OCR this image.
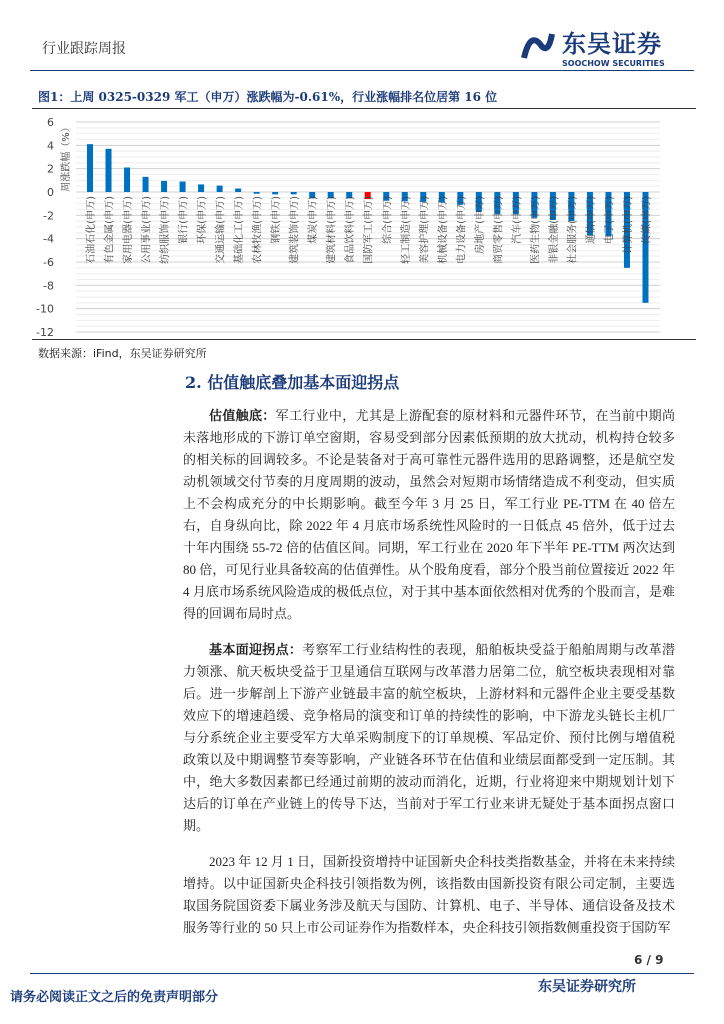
行业跟踪周报	东吴证券
SOOCHOW SECURITIES
图1：上周 0325-0329 军工（申万）涨跌幅为-0.61%，行业涨幅排名位居第 16 位
6
4
2
0
-2
-4
-6
-8
-10
-12
周涨跌幅（%）
石油石化(申万) 有色金属(申万) 家用电器(申万) 公用事业(申万) 纺织服饰(申万) 银行(申万) 环保(申万) 交通运输(申万) 基础化工(申万) 农林牧渔(申万) 钢铁(申万) 建筑装饰(申万) 煤炭(申万) 建筑材料(申万) 食品饮料(申万) 国防军工(申万) 综合(申万) 轻工制造(申万) 美容护理(申万) 机械设备(申万) 电力设备(申万) 房地产(申万) 商贸零售(申万) 汽车(申万) 医药生物(申万) 非银金融(申万) 社会服务(申万) 通信(申万) 电子(申万) 计算机(申万) 传媒(申万)
数据来源：iFind，东吴证券研究所
2. 估值触底叠加基本面迎拐点
估值触底：军工行业中，尤其是上游配套的原材料和元器件环节，在当前中期尚未落地形成的下游订单空窗期，容易受到部分因素低预期的放大扰动，机构持仓较多的相关标的回调较多。不论是装备对于高可靠性元器件选用的思路调整，还是航空发动机领域交付节奏的月度周期的波动，虽然会对短期市场情绪造成不利变动，但实质上不会构成充分的中长期影响。截至今年 3 月 25 日，军工行业 PE-TTM 在 40 倍左右，自身纵向比，除 2022 年 4 月底市场系统性风险时的一日低点 45 倍外，低于过去十年内围绕 55-72 倍的估值区间。同期，军工行业在 2020 年下半年 PE-TTM 两次达到 80 倍，可见行业具备较高的估值弹性。从个股角度看，部分个股当前位置接近 2022 年 4 月底市场系统风险造成的极低点位，对于其中基本面依然相对优秀的个股而言，是难得的回调布局时点。
基本面迎拐点：考察军工行业结构性的表现，船舶板块受益于船舶周期与改革潜力领涨、航天板块受益于卫星通信互联网与改革潜力居第二位，航空板块表现相对靠后。进一步解剖上下游产业链最丰富的航空板块，上游材料和元器件企业主要受基数效应下的增速趋缓、竞争格局的演变和订单的持续性的影响，中下游龙头链长主机厂与分系统企业主要受军方大单采购制度下的订单规模、军品定价、预付比例与增值税政策以及中期调整节奏等影响，产业链各环节在估值和业绩层面都受到一定压制。其中，绝大多数因素都已经通过前期的波动而消化，近期，行业将迎来中期规划计划下达后的订单在产业链上的传导下达，当前对于军工行业来讲无疑处于基本面拐点窗口期。
2023 年 12 月 1 日，国新投资增持中证国新央企科技类指数基金，并将在未来持续增持。以中证国新央企科技引领指数为例，该指数由国新投资有限公司定制，主要选取国务院国资委下属业务涉及航天与国防、计算机、电子、半导体、通信设备及技术服务等行业的 50 只上市公司证券作为指数样本，央企科技引领指数侧重投资于国防军
6 / 9
请务必阅读正文之后的免责声明部分
东吴证券研究所
